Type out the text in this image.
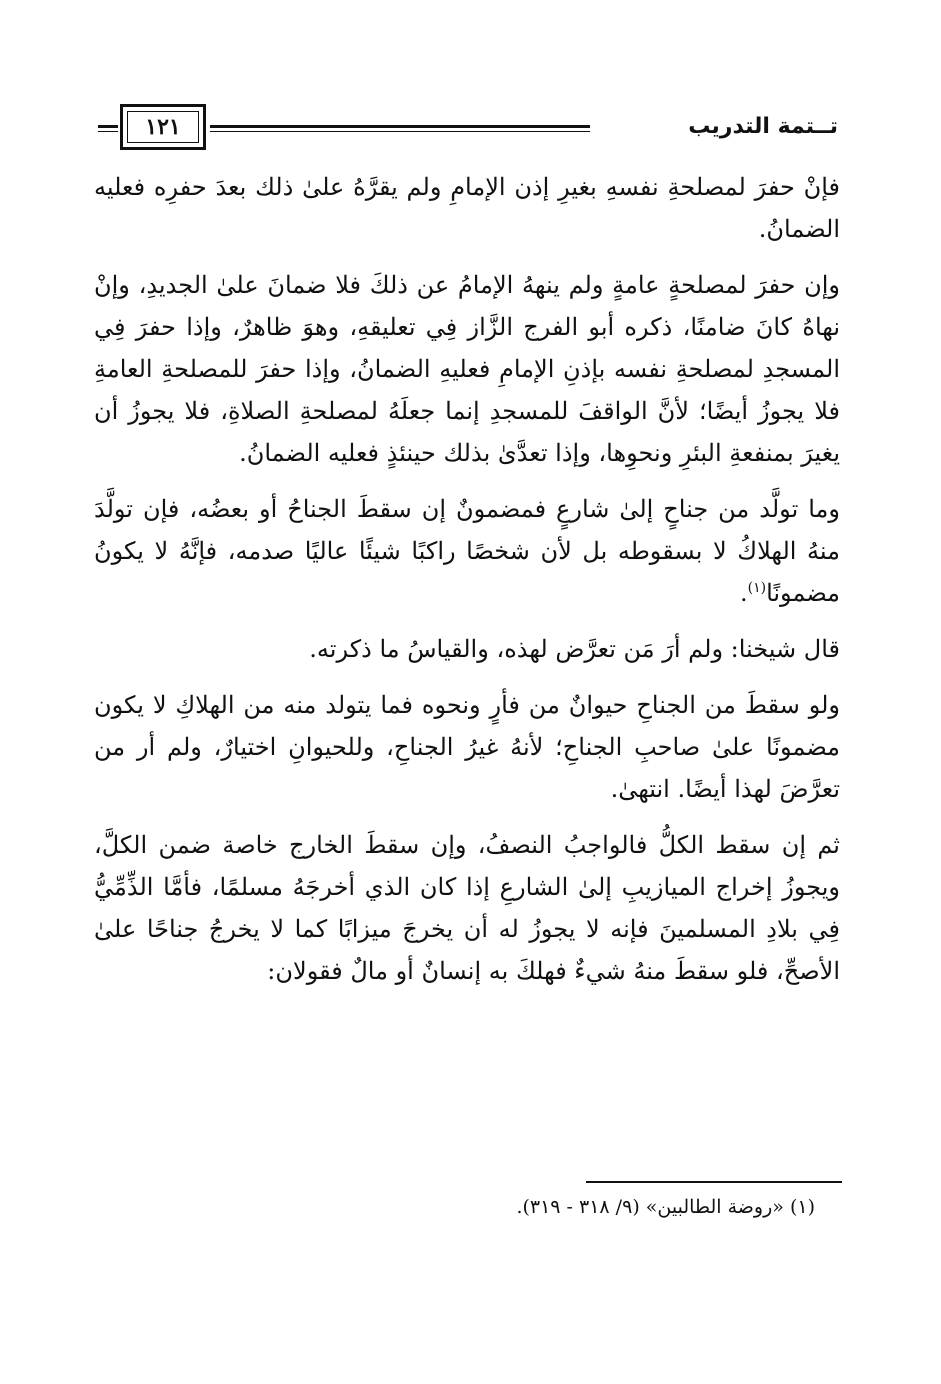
تــتمة التدريب
١٢١

فإنْ حفرَ لمصلحةِ نفسهِ بغيرِ إذن الإمامِ ولم يقرَّهُ علىٰ ذلك بعدَ حفرِه فعليه الضمانُ.

وإن حفرَ لمصلحةٍ عامةٍ ولم ينههُ الإمامُ عن ذلكَ فلا ضمانَ علىٰ الجديدِ، وإنْ نهاهُ كانَ ضامنًا، ذكره أبو الفرج الزَّاز فِي تعليقهِ، وهوَ ظاهرٌ، وإذا حفرَ فِي المسجدِ لمصلحةِ نفسه بإذنِ الإمامِ فعليهِ الضمانُ، وإذا حفرَ للمصلحةِ العامةِ فلا يجوزُ أيضًا؛ لأنَّ الواقفَ للمسجدِ إنما جعلَهُ لمصلحةِ الصلاةِ، فلا يجوزُ أن يغيرَ بمنفعةِ البئرِ ونحوِها، وإذا تعدَّىٰ بذلك حينئذٍ فعليه الضمانُ.

وما تولَّد من جناحٍ إلىٰ شارعٍ فمضمونٌ إن سقطَ الجناحُ أو بعضُه، فإن تولَّدَ منهُ الهلاكُ لا بسقوطه بل لأن شخصًا راكبًا شيئًا عاليًا صدمه، فإنَّهُ لا يكونُ مضمونًا$^{(١)}$.

قال شيخنا: ولم أرَ مَن تعرَّض لهذه، والقياسُ ما ذكرته.

ولو سقطَ من الجناحِ حيوانٌ من فأرٍ ونحوه فما يتولد منه من الهلاكِ لا يكون مضمونًا علىٰ صاحبِ الجناحِ؛ لأنهُ غيرُ الجناحِ، وللحيوانِ اختيارٌ، ولم أر من تعرَّضَ لهذا أيضًا. انتهىٰ.

ثم إن سقط الكلُّ فالواجبُ النصفُ، وإن سقطَ الخارج خاصة ضمن الكلَّ، ويجوزُ إخراج الميازيبِ إلىٰ الشارعِ إذا كان الذي أخرجَهُ مسلمًا، فأمَّا الذِّمِّيُّ فِي بلادِ المسلمينَ فإنه لا يجوزُ له أن يخرجَ ميزابًا كما لا يخرجُ جناحًا علىٰ الأصحِّ، فلو سقطَ منهُ شيءٌ فهلكَ به إنسانٌ أو مالٌ فقولان:

(١) «روضة الطالبين» (٩/ ٣١٨ - ٣١٩).
